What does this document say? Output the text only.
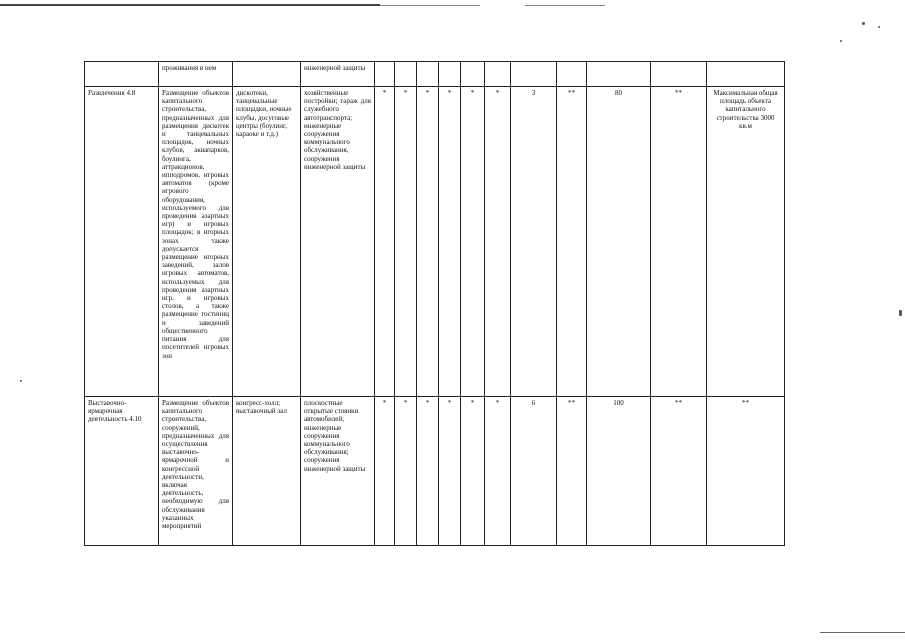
	проживания в нем		инженерной защиты											
Развлечения 4.8	Размещение объектов капитального строительства, предназначенных для размещения дискотек и танцевальных площадок, ночных клубов, аквапарков, боулинга, аттракционов, ипподромов, игровых автоматов (кроме игрового оборудования, используемого для проведения азартных игр) и игровых площадок; в игорных зонах также допускается размещение игорных заведений, залов игровых автоматов, используемых для проведения азартных игр, и игровых столов, а также размещение гостиниц и заведений общественного питания для посетителей игровых зон	дискотеки, танцевальные площадки, ночные клубы, досуговые центры (боулинг, караоке и т.д.)	хозяйственные постройки; гараж для служебного автотранспорта; инженерные сооружения коммунального обслуживания, сооружения инженерной защиты	*	*	*	*	*	*	3	**	80	**	Максимальная общая площадь объекта капитального строительства 3000 кв.м
Выставочно-ярмарочная деятельность 4.10	Размещение объектов капитального строительства, сооружений, предназначенных для осуществления выставочно-ярмарочной и конгрессной деятельности, включая деятельность, необходимую для обслуживания указанных мероприятий	конгресс-холл; выставочный зал	плоскостные открытые стоянки автомобилей; инженерные сооружения коммунального обслуживания; сооружения инженерной защиты	*	*	*	*	*	*	6	**	100	**	**
